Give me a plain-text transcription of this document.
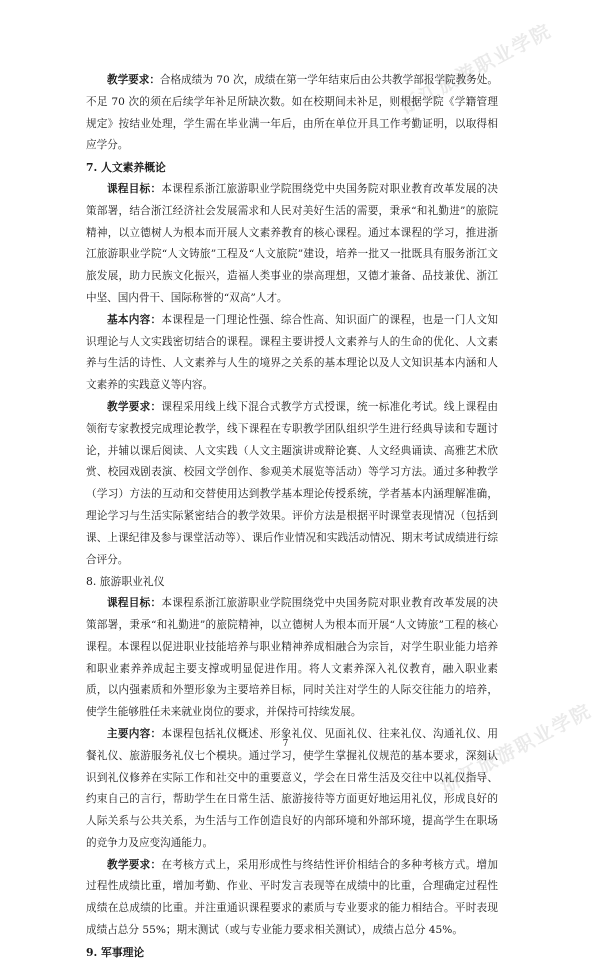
浙江旅游职业学院
浙江旅游职业学院

教学要求：合格成绩为 70 次，成绩在第一学年结束后由公共教学部报学院教务处。不足 70 次的须在后续学年补足所缺次数。如在校期间未补足，则根据学院《学籍管理规定》按结业处理，学生需在毕业满一年后，由所在单位开具工作考勤证明，以取得相应学分。

7. 人文素养概论

课程目标：本课程系浙江旅游职业学院围绕党中央国务院对职业教育改革发展的决策部署，结合浙江经济社会发展需求和人民对美好生活的需要，秉承“和礼勤进”的旅院精神，以立德树人为根本而开展人文素养教育的核心课程。通过本课程的学习，推进浙江旅游职业学院“人文铸旅”工程及“人文旅院”建设，培养一批又一批既具有服务浙江文旅发展，助力民族文化振兴，造福人类事业的崇高理想，又德才兼备、品技兼优、浙江中坚、国内骨干、国际称誉的“双高”人才。

基本内容：本课程是一门理论性强、综合性高、知识面广的课程，也是一门人文知识理论与人文实践密切结合的课程。课程主要讲授人文素养与人的生命的优化、人文素养与生活的诗性、人文素养与人生的境界之关系的基本理论以及人文知识基本内涵和人文素养的实践意义等内容。

教学要求：课程采用线上线下混合式教学方式授课，统一标准化考试。线上课程由领衔专家教授完成理论教学，线下课程在专职教学团队组织学生进行经典导读和专题讨论，并辅以课后阅读、人文实践（人文主题演讲或辩论赛、人文经典诵读、高雅艺术欣赏、校园戏剧表演、校园文学创作、参观美术展览等活动）等学习方法。通过多种教学（学习）方法的互动和交替使用达到教学基本理论传授系统，学者基本内涵理解准确，理论学习与生活实际紧密结合的教学效果。评价方法是根据平时课堂表现情况（包括到课、上课纪律及参与课堂活动等）、课后作业情况和实践活动情况、期末考试成绩进行综合评分。

8. 旅游职业礼仪

课程目标：本课程系浙江旅游职业学院围绕党中央国务院对职业教育改革发展的决策部署，秉承“和礼勤进”的旅院精神，以立德树人为根本而开展“人文铸旅”工程的核心课程。本课程以促进职业技能培养与职业精神养成相融合为宗旨，对学生职业能力培养和职业素养养成起主要支撑或明显促进作用。将人文素养深入礼仪教育，融入职业素质，以内强素质和外塑形象为主要培养目标，同时关注对学生的人际交往能力的培养，使学生能够胜任未来就业岗位的要求，并保持可持续发展。

主要内容：本课程包括礼仪概述、形象礼仪、见面礼仪、往来礼仪、沟通礼仪、用餐礼仪、旅游服务礼仪七个模块。通过学习，使学生掌握礼仪规范的基本要求，深刻认识到礼仪修养在实际工作和社交中的重要意义，学会在日常生活及交往中以礼仪指导、约束自己的言行，帮助学生在日常生活、旅游接待等方面更好地运用礼仪，形成良好的人际关系与公共关系，为生活与工作创造良好的内部环境和外部环境，提高学生在职场的竞争力及应变沟通能力。

教学要求：在考核方式上，采用形成性与终结性评价相结合的多种考核方式。增加过程性成绩比重，增加考勤、作业、平时发言表现等在成绩中的比重，合理确定过程性成绩在总成绩的比重。并注重通识课程要求的素质与专业要求的能力相结合。平时表现成绩占总分 55%；期末测试（或与专业能力要求相关测试），成绩占总分 45%。

9. 军事理论
7
